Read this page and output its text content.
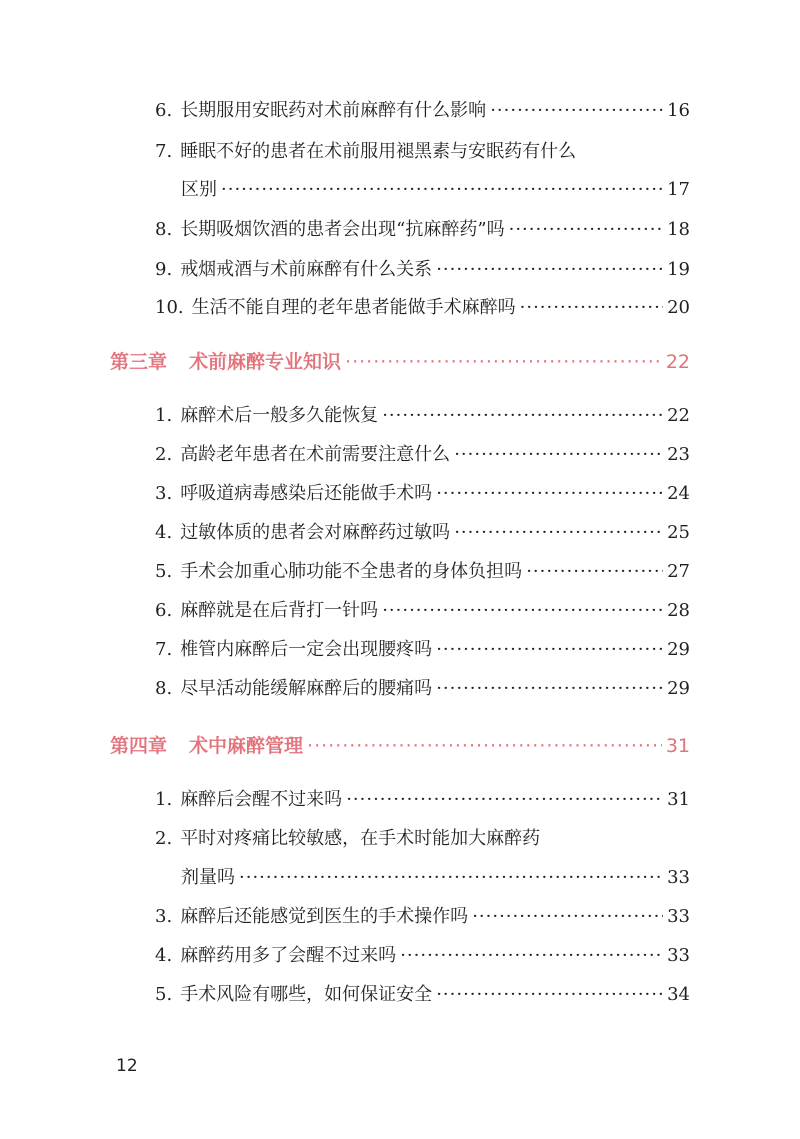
6. 长期服用安眠药对术前麻醉有什么影响 ·····	16
7. 睡眠不好的患者在术前服用褪黑素与安眠药有什么
区别 ·····	17
8. 长期吸烟饮酒的患者会出现“抗麻醉药”吗 ·····	18
9. 戒烟戒酒与术前麻醉有什么关系 ·····	19
10. 生活不能自理的老年患者能做手术麻醉吗 ·····	20
第三章 术前麻醉专业知识 ·····	22
1. 麻醉术后一般多久能恢复 ·····	22
2. 高龄老年患者在术前需要注意什么 ·····	23
3. 呼吸道病毒感染后还能做手术吗 ·····	24
4. 过敏体质的患者会对麻醉药过敏吗 ·····	25
5. 手术会加重心肺功能不全患者的身体负担吗 ·····	27
6. 麻醉就是在后背打一针吗 ·····	28
7. 椎管内麻醉后一定会出现腰疼吗 ·····	29
8. 尽早活动能缓解麻醉后的腰痛吗 ·····	29
第四章 术中麻醉管理 ·····	31
1. 麻醉后会醒不过来吗 ·····	31
2. 平时对疼痛比较敏感，在手术时能加大麻醉药
剂量吗 ·····	33
3. 麻醉后还能感觉到医生的手术操作吗 ·····	33
4. 麻醉药用多了会醒不过来吗 ·····	33
5. 手术风险有哪些，如何保证安全 ·····	34
12
